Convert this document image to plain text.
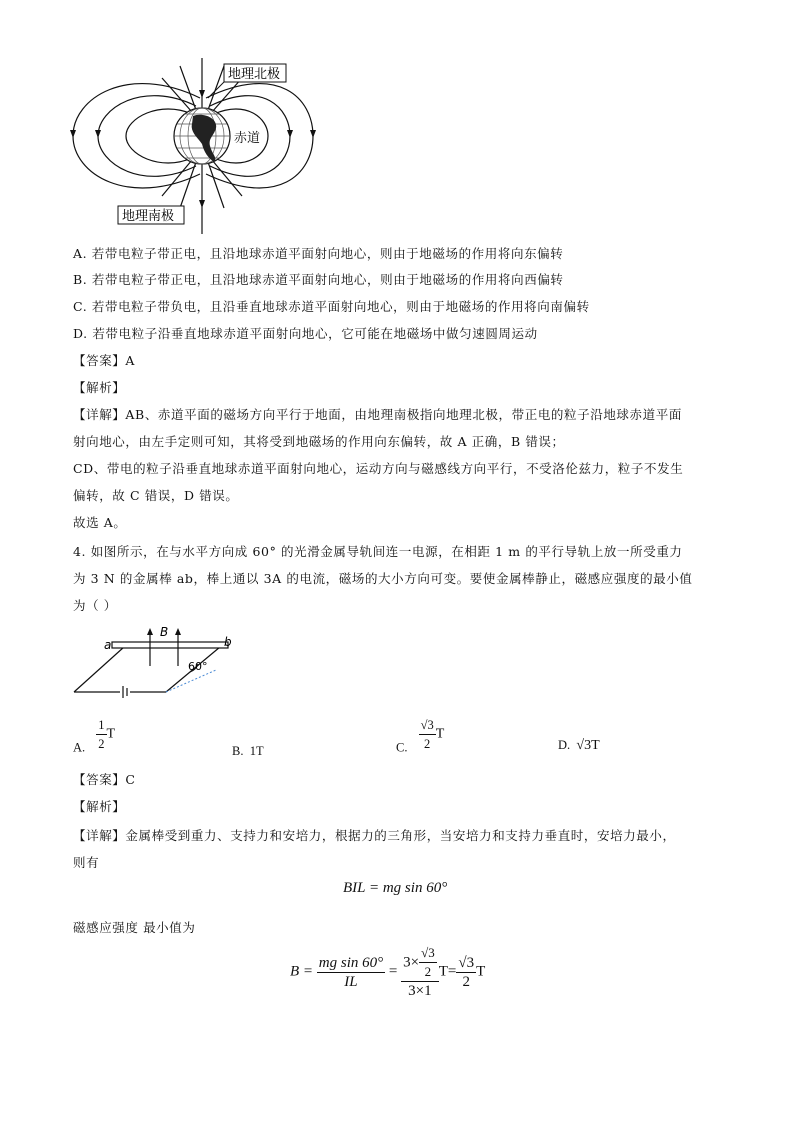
地理北极
赤道
地理南极
A. 若带电粒子带正电，且沿地球赤道平面射向地心，则由于地磁场的作用将向东偏转
B. 若带电粒子带正电，且沿地球赤道平面射向地心，则由于地磁场的作用将向西偏转
C. 若带电粒子带负电，且沿垂直地球赤道平面射向地心，则由于地磁场的作用将向南偏转
D. 若带电粒子沿垂直地球赤道平面射向地心，它可能在地磁场中做匀速圆周运动
【答案】A
【解析】
【详解】AB、赤道平面的磁场方向平行于地面，由地理南极指向地理北极，带正电的粒子沿地球赤道平面
射向地心，由左手定则可知，其将受到地磁场的作用向东偏转，故 A 正确，B 错误；
CD、带电的粒子沿垂直地球赤道平面射向地心，运动方向与磁感线方向平行，不受洛伦兹力，粒子不发生
偏转，故 C 错误，D 错误。
故选 A。
4. 如图所示，在与水平方向成 60° 的光滑金属导轨间连一电源，在相距 1 m 的平行导轨上放一所受重力
为 3 N 的金属棒 ab，棒上通以 3A 的电流，磁场的大小方向可变。要使金属棒静止，磁感应强度的最小值
为（ ）
a	b
B
60°
A. $\frac{1}{2}$ T
B. 1T	C. $\frac{√3}{2}$ T
D. √3T
【答案】C
【解析】
【详解】金属棒受到重力、支持力和安培力，根据力的三角形，当安培力和支持力垂直时，安培力最小，
则有
BIL = mg sin 60°
磁感应强度 最小值为
$B = \frac{\text{mg sin 60°}}{IL} = \frac{3\times \frac{√3}{2}}{3\times 1} T= \frac{√3}{2}$ T
